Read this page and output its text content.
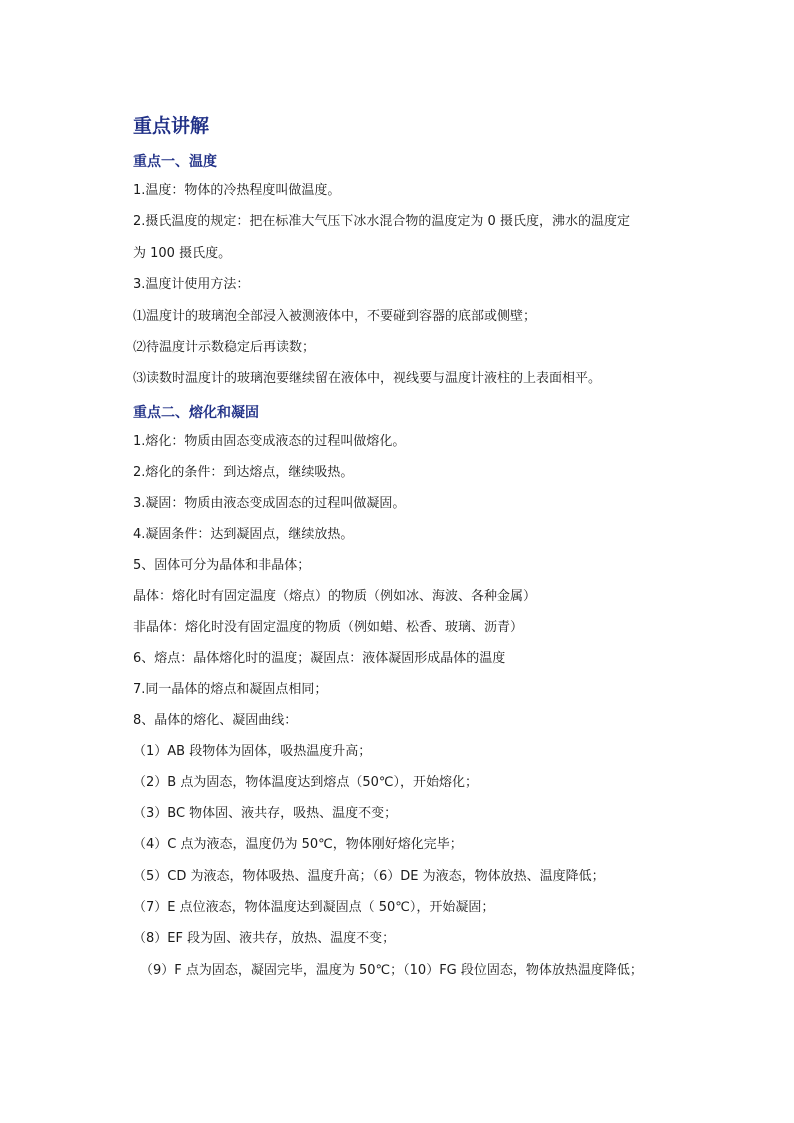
重点讲解
重点一、温度
1.温度：物体的冷热程度叫做温度。
2.摄氏温度的规定：把在标准大气压下冰水混合物的温度定为 0 摄氏度，沸水的温度定
为 100 摄氏度。
3.温度计使用方法：
⑴温度计的玻璃泡全部浸入被测液体中，不要碰到容器的底部或侧壁；
⑵待温度计示数稳定后再读数；
⑶读数时温度计的玻璃泡要继续留在液体中，视线要与温度计液柱的上表面相平。
重点二、熔化和凝固
1.熔化：物质由固态变成液态的过程叫做熔化。
2.熔化的条件：到达熔点，继续吸热。
3.凝固：物质由液态变成固态的过程叫做凝固。
4.凝固条件：达到凝固点，继续放热。
5、固体可分为晶体和非晶体；
晶体：熔化时有固定温度（熔点）的物质（例如冰、海波、各种金属）
非晶体：熔化时没有固定温度的物质（例如蜡、松香、玻璃、沥青）
6、熔点：晶体熔化时的温度；凝固点：液体凝固形成晶体的温度
7.同一晶体的熔点和凝固点相同；
8、晶体的熔化、凝固曲线：
（1）AB 段物体为固体，吸热温度升高；
（2）B 点为固态，物体温度达到熔点（50℃），开始熔化；
（3）BC 物体固、液共存，吸热、温度不变；
（4）C 点为液态，温度仍为 50℃，物体刚好熔化完毕；
（5）CD 为液态，物体吸热、温度升高；（6）DE 为液态，物体放热、温度降低；
（7）E 点位液态，物体温度达到凝固点（ 50℃），开始凝固；
（8）EF 段为固、液共存，放热、温度不变；
（9）F 点为固态，凝固完毕，温度为 50℃；（10）FG 段位固态，物体放热温度降低；
